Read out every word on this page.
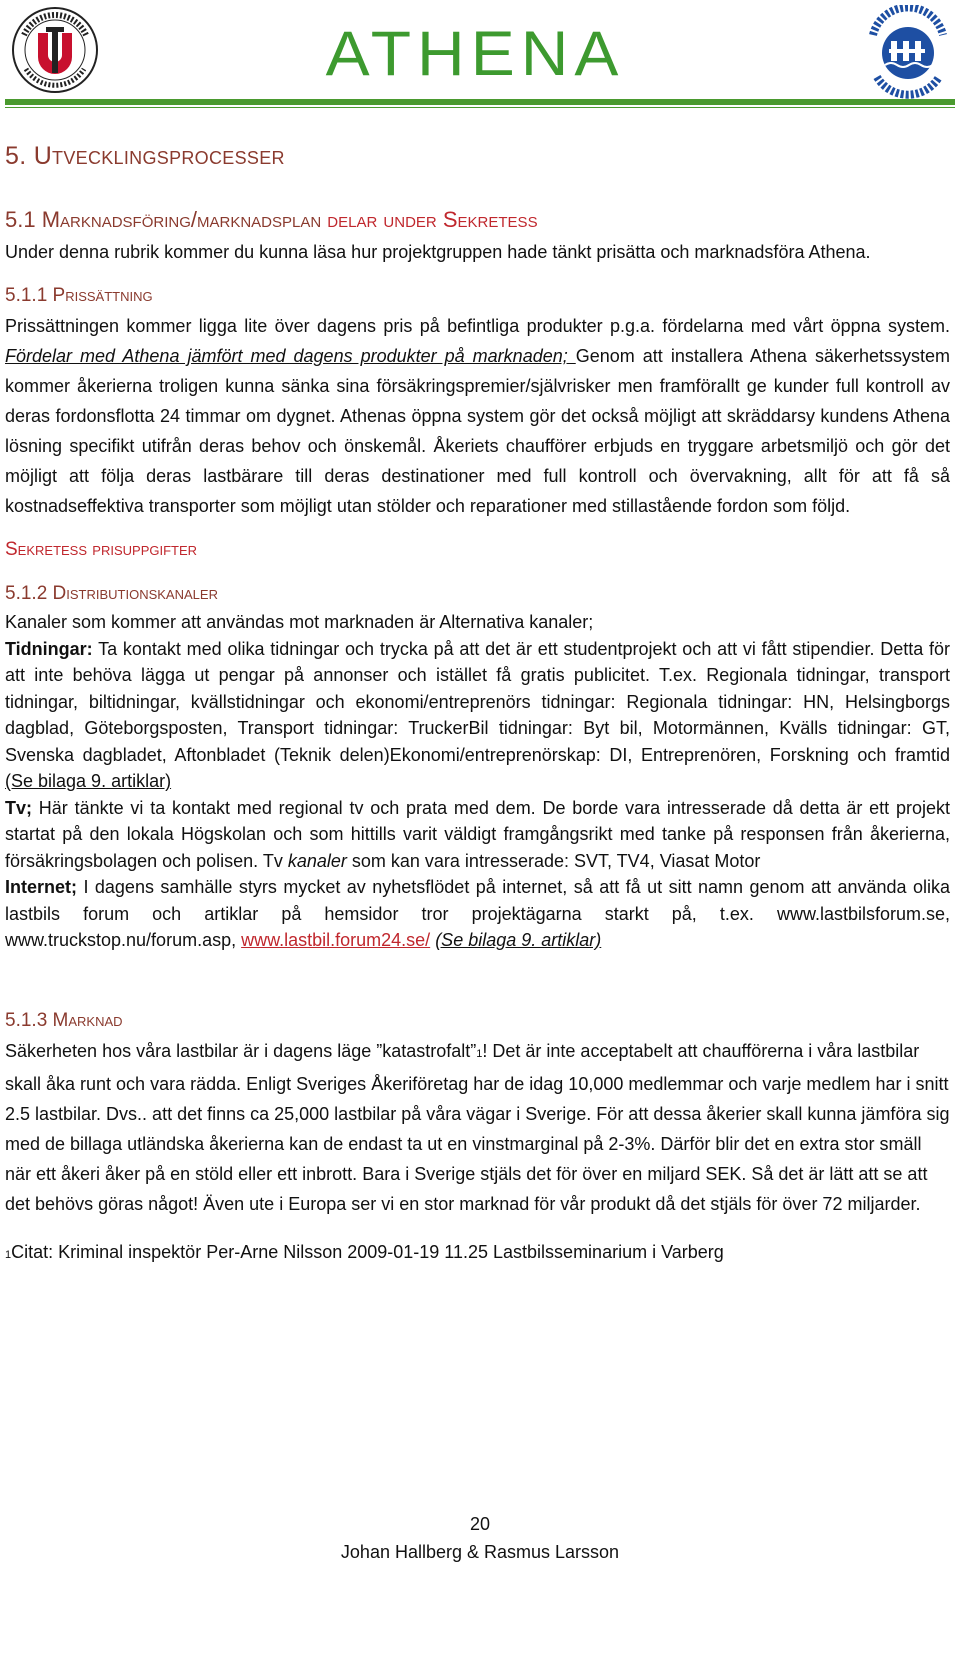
ATHENA
5. Utvecklingsprocesser
5.1 Marknadsföring/marknadsplan delar under Sekretess

Under denna rubrik kommer du kunna läsa hur projektgruppen hade tänkt prisätta och marknadsföra Athena.

5.1.1 Prissättning

Prissättningen kommer ligga lite över dagens pris på befintliga produkter p.g.a. fördelarna med vårt öppna system. Fördelar med Athena jämfört med dagens produkter på marknaden; Genom att installera Athena säkerhetssystem kommer åkerierna troligen kunna sänka sina försäkringspremier/självrisker men framförallt ge kunder full kontroll av deras fordonsflotta 24 timmar om dygnet. Athenas öppna system gör det också möjligt att skräddarsy kundens Athena lösning specifikt utifrån deras behov och önskemål. Åkeriets chaufförer erbjuds en tryggare arbetsmiljö och gör det möjligt att följa deras lastbärare till deras destinationer med full kontroll och övervakning, allt för att få så kostnadseffektiva transporter som möjligt utan stölder och reparationer med stillastående fordon som följd.

Sekretess prisuppgifter
5.1.2 Distributionskanaler

Kanaler som kommer att användas mot marknaden är Alternativa kanaler;

Tidningar: Ta kontakt med olika tidningar och trycka på att det är ett studentprojekt och att vi fått stipendier. Detta för att inte behöva lägga ut pengar på annonser och istället få gratis publicitet. T.ex. Regionala tidningar, transport tidningar, biltidningar, kvällstidningar och ekonomi/entreprenörs tidningar: Regionala tidningar: HN, Helsingborgs dagblad, Göteborgsposten, Transport tidningar: TruckerBil tidningar: Byt bil, Motormännen, Kvälls tidningar: GT, Svenska dagbladet, Aftonbladet (Teknik delen)Ekonomi/entreprenörskap: DI, Entreprenören, Forskning och framtid (Se bilaga 9. artiklar)

Tv; Här tänkte vi ta kontakt med regional tv och prata med dem. De borde vara intresserade då detta är ett projekt startat på den lokala Högskolan och som hittills varit väldigt framgångsrikt med tanke på responsen från åkerierna, försäkringsbolagen och polisen. Tv kanaler som kan vara intresserade: SVT, TV4, Viasat Motor

Internet; I dagens samhälle styrs mycket av nyhetsflödet på internet, så att få ut sitt namn genom att använda olika lastbils forum och artiklar på hemsidor tror projektägarna starkt på, t.ex. www.lastbilsforum.se, www.truckstop.nu/forum.asp, www.lastbil.forum24.se/ (Se bilaga 9. artiklar)

5.1.3 Marknad

Säkerheten hos våra lastbilar är i dagens läge ”katastrofalt”1! Det är inte acceptabelt att chaufförerna i våra lastbilar skall åka runt och vara rädda. Enligt Sveriges Åkeriföretag har de idag 10,000 medlemmar och varje medlem har i snitt 2.5 lastbilar. Dvs.. att det finns ca 25,000 lastbilar på våra vägar i Sverige. För att dessa åkerier skall kunna jämföra sig med de billaga utländska åkerierna kan de endast ta ut en vinstmarginal på 2-3%. Därför blir det en extra stor smäll när ett åkeri åker på en stöld eller ett inbrott. Bara i Sverige stjäls det för över en miljard SEK. Så det är lätt att se att det behövs göras något! Även ute i Europa ser vi en stor marknad för vår produkt då det stjäls för över 72 miljarder.

1Citat: Kriminal inspektör Per-Arne Nilsson 2009-01-19 11.25 Lastbilsseminarium i Varberg
20
Johan Hallberg & Rasmus Larsson
